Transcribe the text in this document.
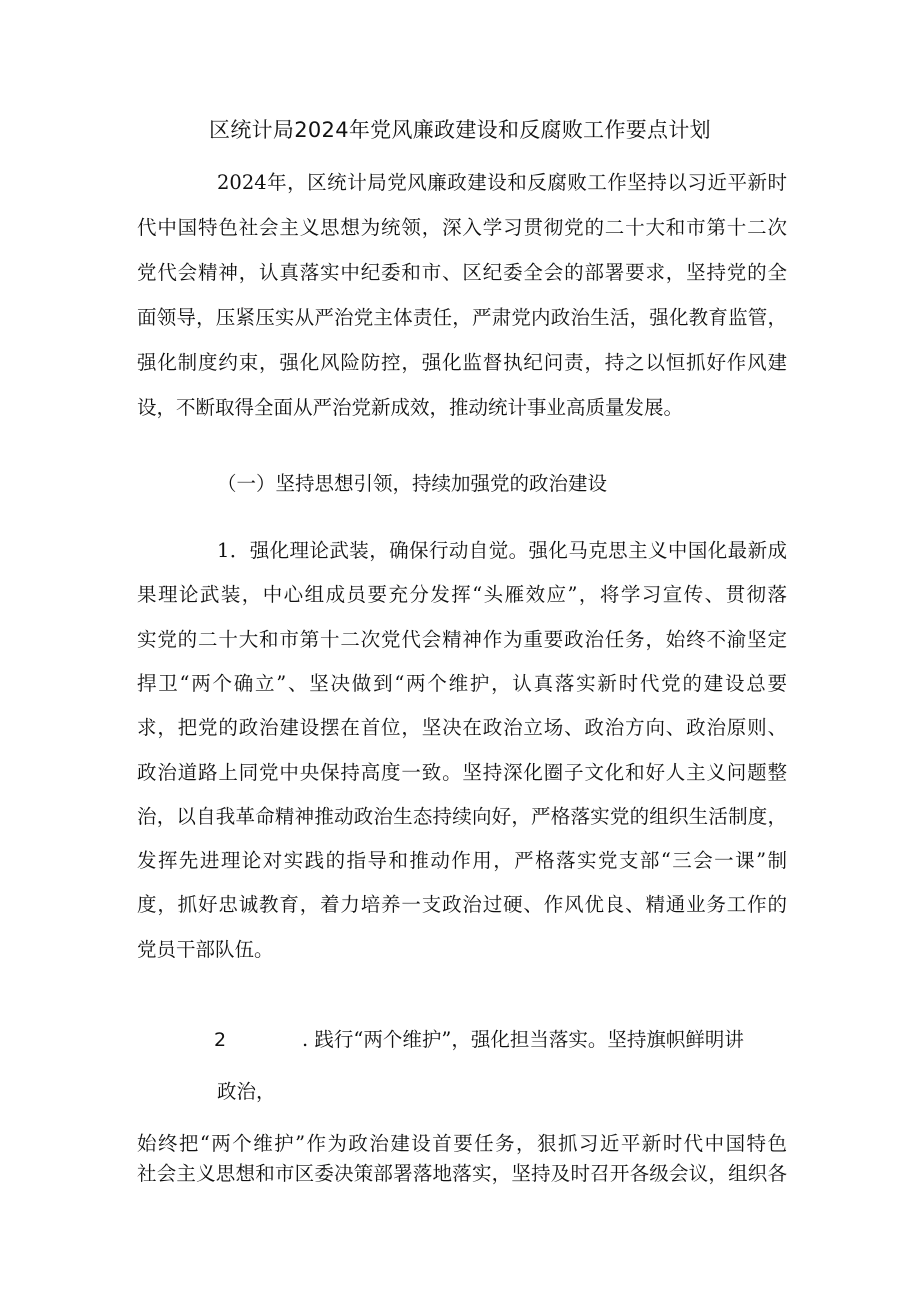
区统计局2024年党风廉政建设和反腐败工作要点计划
2024年，区统计局党风廉政建设和反腐败工作坚持以习近平新时
代中国特色社会主义思想为统领，深入学习贯彻党的二十大和市第十二次
党代会精神，认真落实中纪委和市、区纪委全会的部署要求，坚持党的全
面领导，压紧压实从严治党主体责任，严肃党内政治生活，强化教育监管，
强化制度约束，强化风险防控，强化监督执纪问责，持之以恒抓好作风建
设，不断取得全面从严治党新成效，推动统计事业高质量发展。
（一）坚持思想引领，持续加强党的政治建设
1．强化理论武装，确保行动自觉。强化马克思主义中国化最新成
果理论武装，中心组成员要充分发挥“头雁效应”，将学习宣传、贯彻落
实党的二十大和市第十二次党代会精神作为重要政治任务，始终不渝坚定
捍卫“两个确立”、坚决做到“两个维护，认真落实新时代党的建设总要
求，把党的政治建设摆在首位，坚决在政治立场、政治方向、政治原则、
政治道路上同党中央保持高度一致。坚持深化圈子文化和好人主义问题整
治，以自我革命精神推动政治生态持续向好，严格落实党的组织生活制度，
发挥先进理论对实践的指导和推动作用，严格落实党支部“三会一课”制
度，抓好忠诚教育，着力培养一支政治过硬、作风优良、精通业务工作的
党员干部队伍。
2	. 践行“两个维护”，强化担当落实。坚持旗帜鲜明讲
政治，
始终把“两个维护”作为政治建设首要任务，狠抓习近平新时代中国特色
社会主义思想和市区委决策部署落地落实，坚持及时召开各级会议，组织各
